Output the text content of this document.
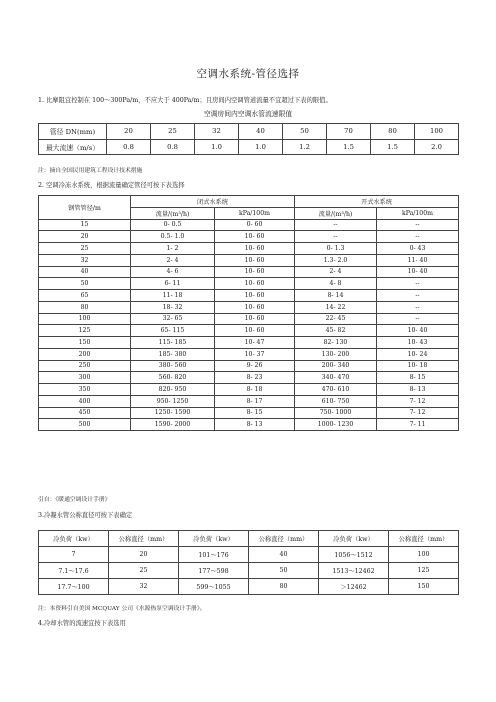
空调水系统-管径选择
1. 比摩阻宜控制在 100～300Pa/m，不应大于 400Pa/m；且房间内空调管道流量不宜超过下表的限值。
空调房间内空调水管流速限值
管径 DN(mm)	20	25	32	40	50	70	80	100
最大流速（m/s）	0.8	0.8	1.0	1.0	1.2	1.5	1.5	2.0
注：摘自全国民用建筑工程设计技术措施
2. 空调冷冻水系统，根据流量确定管径可按下表选择
钢管管径/m	闭式水系统		开式水系统	
	流量/(m³/h)	kPa/100m	流量/(m³/h)	kPa/100m
15	0- 0.5	0- 60	--	--
20	0.5- 1.0	10- 60	--	--
25	1- 2	10- 60	0- 1.3	0- 43
32	2- 4	10- 60	1.3- 2.0	11- 40
40	4- 6	10- 60	2- 4	10- 40
50	6- 11	10- 60	4- 8	--
65	11- 18	10- 60	8- 14	--
80	18- 32	10- 60	14- 22	--
100	32- 65	10- 60	22- 45	--
125	65- 115	10- 60	45- 82	10- 40
150	115- 185	10- 47	82- 130	10- 43
200	185- 380	10- 37	130- 200	10- 24
250	380- 560	9- 26	200- 340	10- 18
300	560- 820	8- 23	340- 470	8- 15
350	820- 950	8- 18	470- 610	8- 13
400	950- 1250	8- 17	610- 750	7- 12
450	1250- 1590	8- 15	750- 1000	7- 12
500	1590- 2000	8- 13	1000- 1230	7- 11
引自：《暖通空调设计手册》
3.冷凝水管公称直径可按下表确定
冷负荷（kw）	公称直径（mm）	冷负荷（kw）	公称直径（mm）	冷负荷（kw）	公称直径（mm）
7	20	101～176	40	1056～1512	100
7.1～17.6	25	177～598	50	1513～12462	125
17.7～100	32	599～1055	80	＞12462	150
注：本资料引自美国 MCQUAY 公司《水源热泵空调设计手册》。
4.冷却水管的流速宜按下表选用
